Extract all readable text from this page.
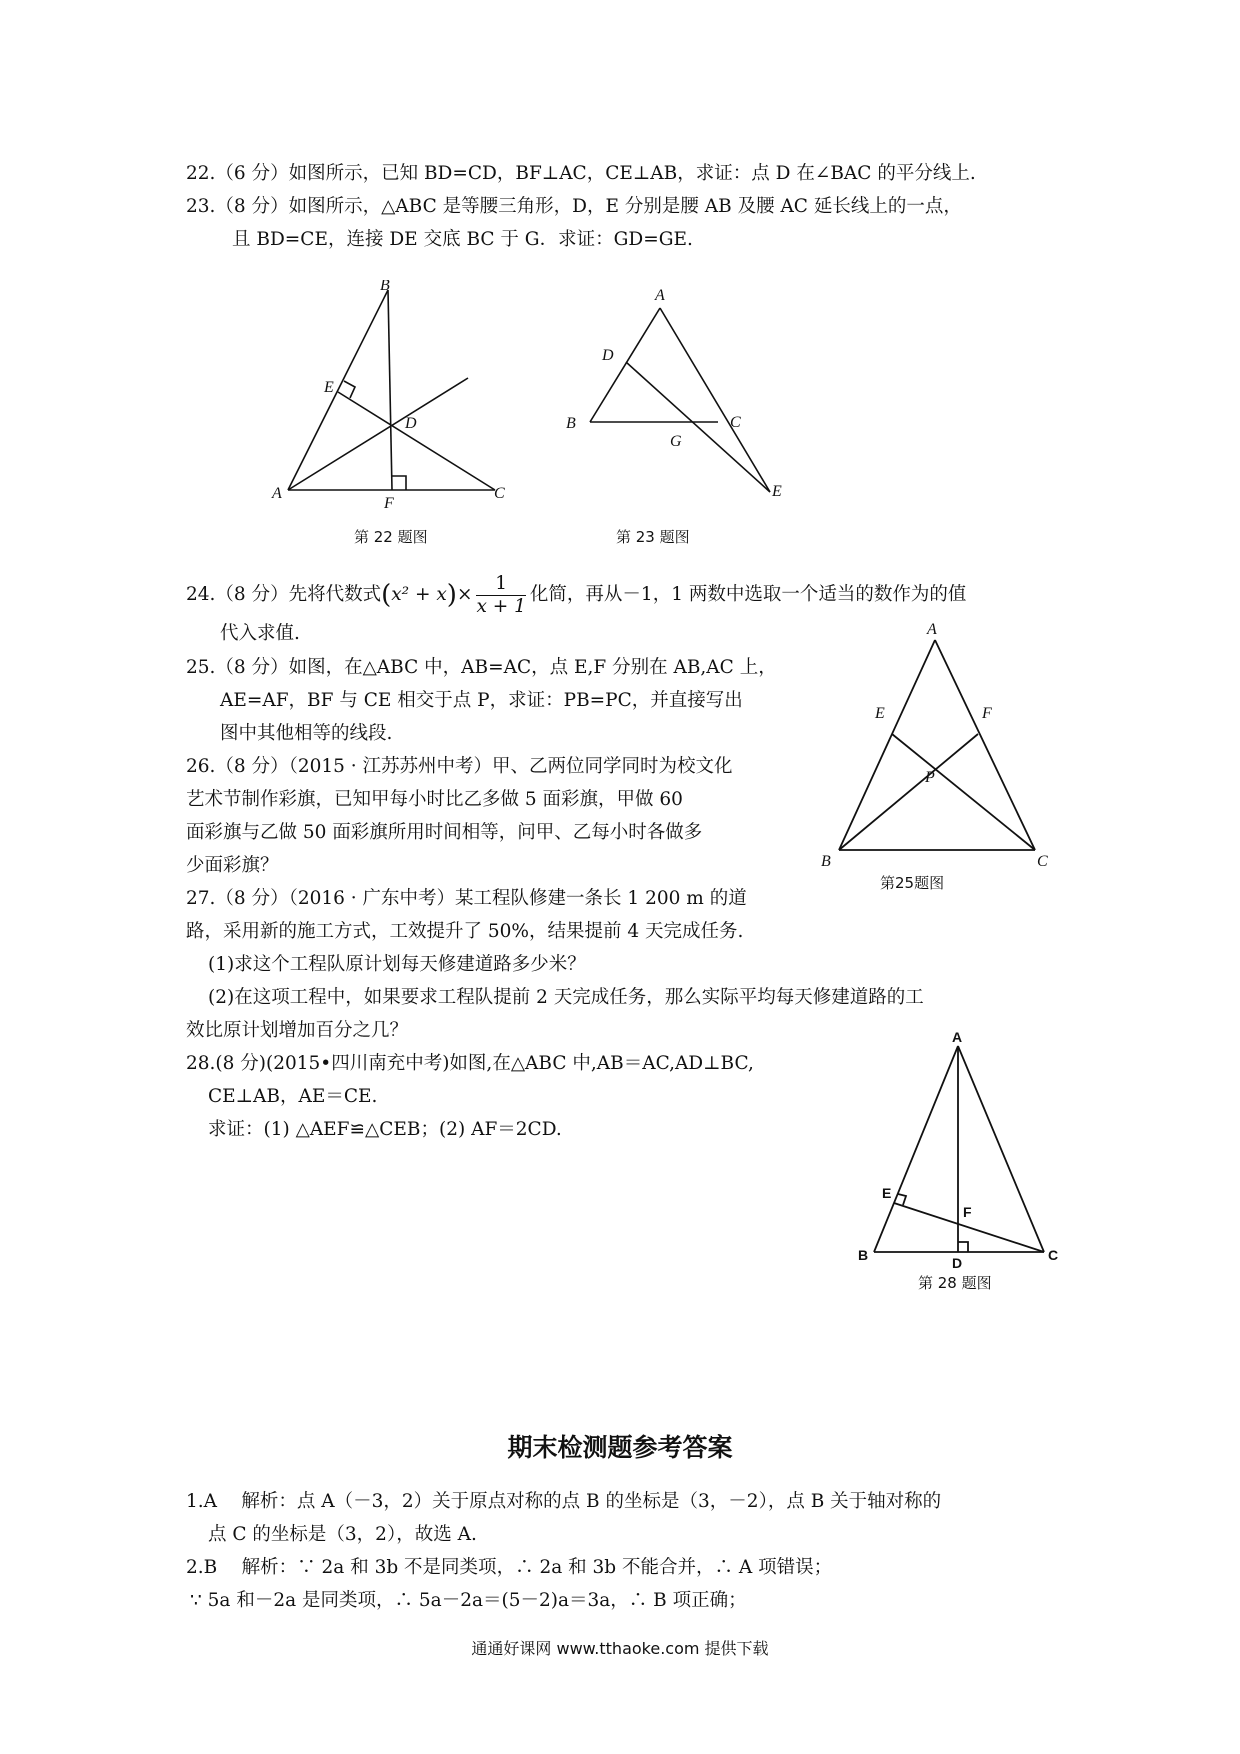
22.（6 分）如图所示，已知 BD=CD，BF⊥AC，CE⊥AB，求证：点 D 在∠BAC 的平分线上.
23.（8 分）如图所示，△ABC 是等腰三角形，D，E 分别是腰 AB 及腰 AC 延长线上的一点，
且 BD=CE，连接 DE 交底 BC 于 G．求证：GD=GE.
B
E
D
A
F
C
第 22 题图
A
D
B
G
C
E
第 23 题图
24.（8 分）先将代数式$(x^2 + x)\times \frac{1}{x + 1}$ 化简，再从－1，1 两数中选取一个适当的数作为的值
代入求值.
25.（8 分）如图，在△ABC 中，AB=AC，点 E,F 分别在 AB,AC 上，
AE=AF，BF 与 CE 相交于点 P，求证：PB=PC，并直接写出
图中其他相等的线段.
A
E	F
P
B	C
第25题图
26.（8 分）（2015 · 江苏苏州中考）甲、乙两位同学同时为校文化
艺术节制作彩旗，已知甲每小时比乙多做 5 面彩旗，甲做 60
面彩旗与乙做 50 面彩旗所用时间相等，问甲、乙每小时各做多
少面彩旗？
27.（8 分）（2016 · 广东中考）某工程队修建一条长 1 200 m 的道
路，采用新的施工方式，工效提升了 50%，结果提前 4 天完成任务.
(1)求这个工程队原计划每天修建道路多少米？
(2)在这项工程中，如果要求工程队提前 2 天完成任务，那么实际平均每天修建道路的工
效比原计划增加百分之几？
28.(8 分)(2015•四川南充中考)如图,在△ABC 中,AB＝AC,AD⊥BC,
CE⊥AB，AE＝CE.
求证：(1) △AEF≌△CEB；(2) AF＝2CD.
A
E
F
B	D	C
第 28 题图
期末检测题参考答案
1.A　 解析：点 A（－3，2）关于原点对称的点 B 的坐标是（3，－2），点 B 关于轴对称的
点 C 的坐标是（3，2），故选 A.
2.B　 解析：∵ 2a 和 3b 不是同类项，∴ 2a 和 3b 不能合并，∴ A 项错误；
∵ 5a 和－2a 是同类项，∴ 5a－2a＝(5－2)a＝3a，∴ B 项正确；
通通好课网 www.tthaoke.com 提供下载
